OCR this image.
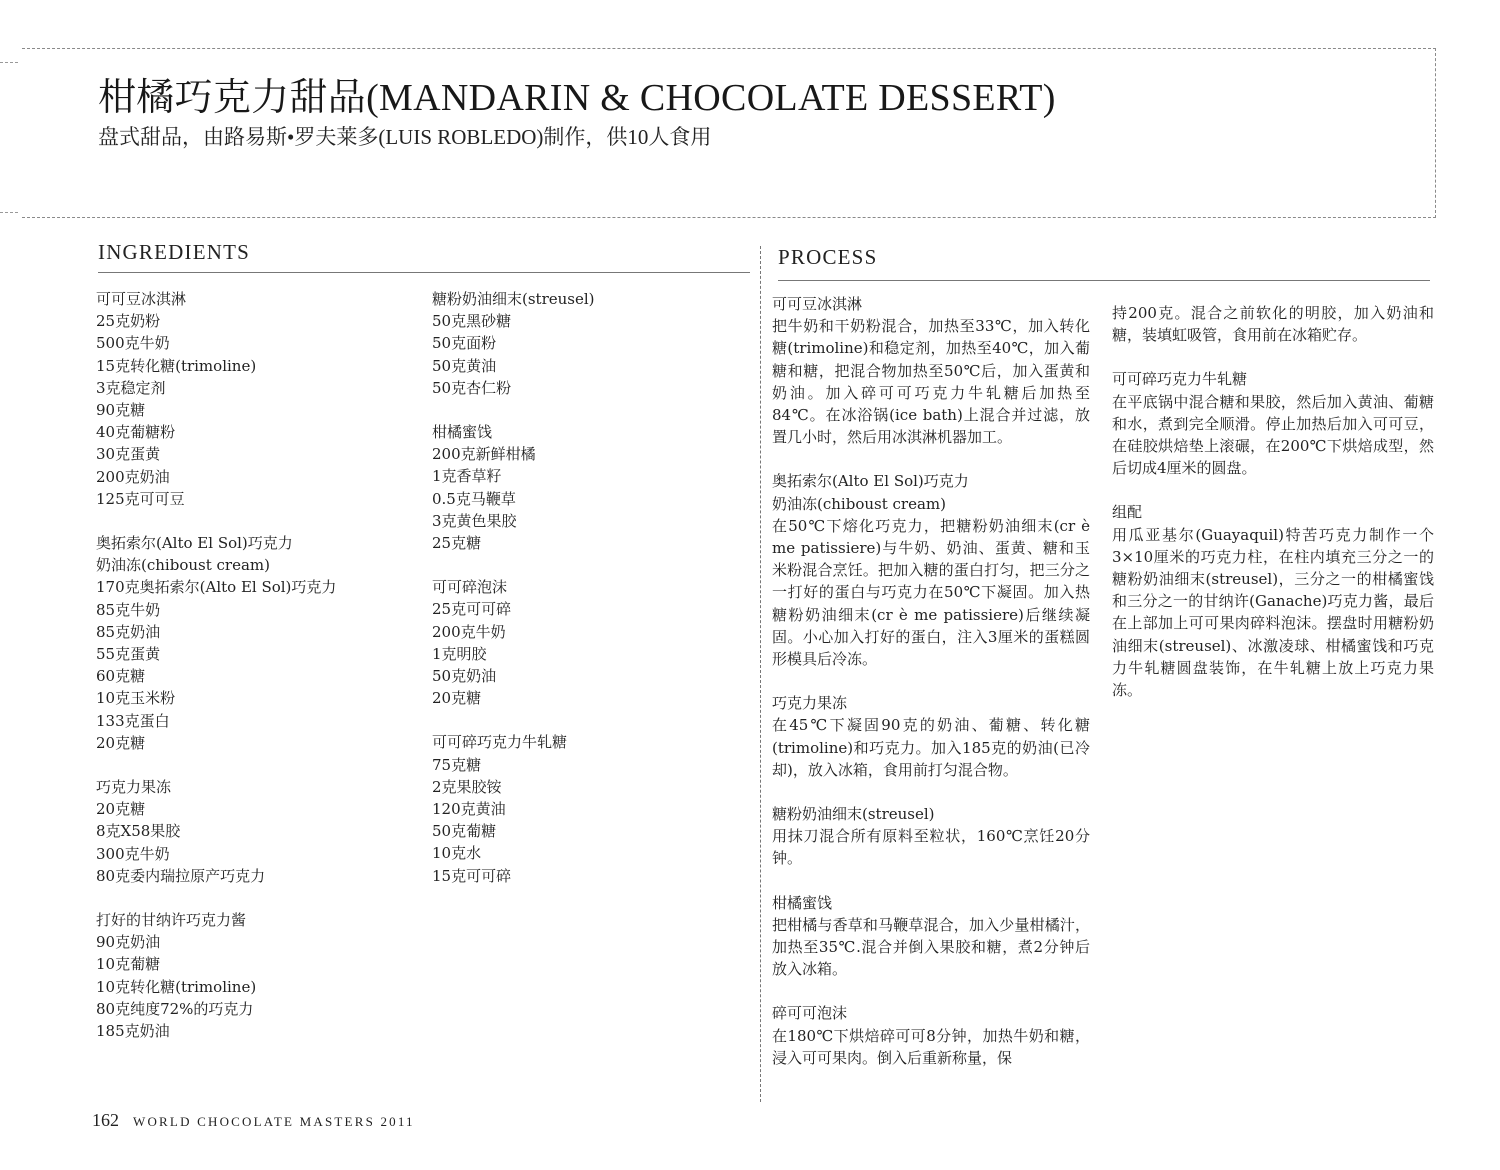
柑橘巧克力甜品(MANDARIN & CHOCOLATE DESSERT)

盘式甜品，由路易斯•罗夫莱多(LUIS ROBLEDO)制作，供10人食用

INGREDIENTS	PROCESS
可可豆冰淇淋
25克奶粉
500克牛奶
15克转化糖(trimoline)
3克稳定剂
90克糖
40克葡糖粉
30克蛋黄
200克奶油
125克可可豆
奥拓索尔(Alto El Sol)巧克力
奶油冻(chiboust cream)
170克奥拓索尔(Alto El Sol)巧克力
85克牛奶
85克奶油
55克蛋黄
60克糖
10克玉米粉
133克蛋白
20克糖
巧克力果冻
20克糖
8克X58果胶
300克牛奶
80克委内瑞拉原产巧克力
打好的甘纳许巧克力酱
90克奶油
10克葡糖
10克转化糖(trimoline)
80克纯度72%的巧克力
185克奶油
糖粉奶油细末(streusel)
50克黑砂糖
50克面粉
50克黄油
50克杏仁粉
柑橘蜜饯
200克新鲜柑橘
1克香草籽
0.5克马鞭草
3克黄色果胶
25克糖
可可碎泡沫
25克可可碎
200克牛奶
1克明胶
50克奶油
20克糖
可可碎巧克力牛轧糖
75克糖
2克果胶铵
120克黄油
50克葡糖
10克水
15克可可碎
可可豆冰淇淋
把牛奶和干奶粉混合，加热至33℃，加入转化糖(trimoline)和稳定剂，加热至40℃，加入葡糖和糖，把混合物加热至50℃后，加入蛋黄和奶油。加入碎可可巧克力牛轧糖后加热至84℃。在冰浴锅(ice bath)上混合并过滤，放置几小时，然后用冰淇淋机器加工。
奥拓索尔(Alto El Sol)巧克力
奶油冻(chiboust cream)
在50℃下熔化巧克力，把糖粉奶油细末(cr è me patissiere)与牛奶、奶油、蛋黄、糖和玉米粉混合烹饪。把加入糖的蛋白打匀，把三分之一打好的蛋白与巧克力在50℃下凝固。加入热糖粉奶油细末(cr è me patissiere)后继续凝固。小心加入打好的蛋白，注入3厘米的蛋糕圆形模具后冷冻。
巧克力果冻
在45℃下凝固90克的奶油、葡糖、转化糖(trimoline)和巧克力。加入185克的奶油(已冷却)，放入冰箱，食用前打匀混合物。
糖粉奶油细末(streusel)
用抹刀混合所有原料至粒状，160℃烹饪20分钟。
柑橘蜜饯
把柑橘与香草和马鞭草混合，加入少量柑橘汁，加热至35℃.混合并倒入果胶和糖，煮2分钟后放入冰箱。
碎可可泡沫
在180℃下烘焙碎可可8分钟，加热牛奶和糖，浸入可可果肉。倒入后重新称量，保
持200克。混合之前软化的明胶，加入奶油和糖，装填虹吸管，食用前在冰箱贮存。
可可碎巧克力牛轧糖
在平底锅中混合糖和果胶，然后加入黄油、葡糖和水，煮到完全顺滑。停止加热后加入可可豆，在硅胶烘焙垫上滚碾，在200℃下烘焙成型，然后切成4厘米的圆盘。
组配
用瓜亚基尔(Guayaquil)特苦巧克力制作一个3×10厘米的巧克力柱，在柱内填充三分之一的糖粉奶油细末(streusel)，三分之一的柑橘蜜饯和三分之一的甘纳许(Ganache)巧克力酱，最后在上部加上可可果肉碎料泡沫。摆盘时用糖粉奶油细末(streusel)、冰激凌球、柑橘蜜饯和巧克力牛轧糖圆盘装饰，在牛轧糖上放上巧克力果冻。
162 WORLD CHOCOLATE MASTERS 2011
